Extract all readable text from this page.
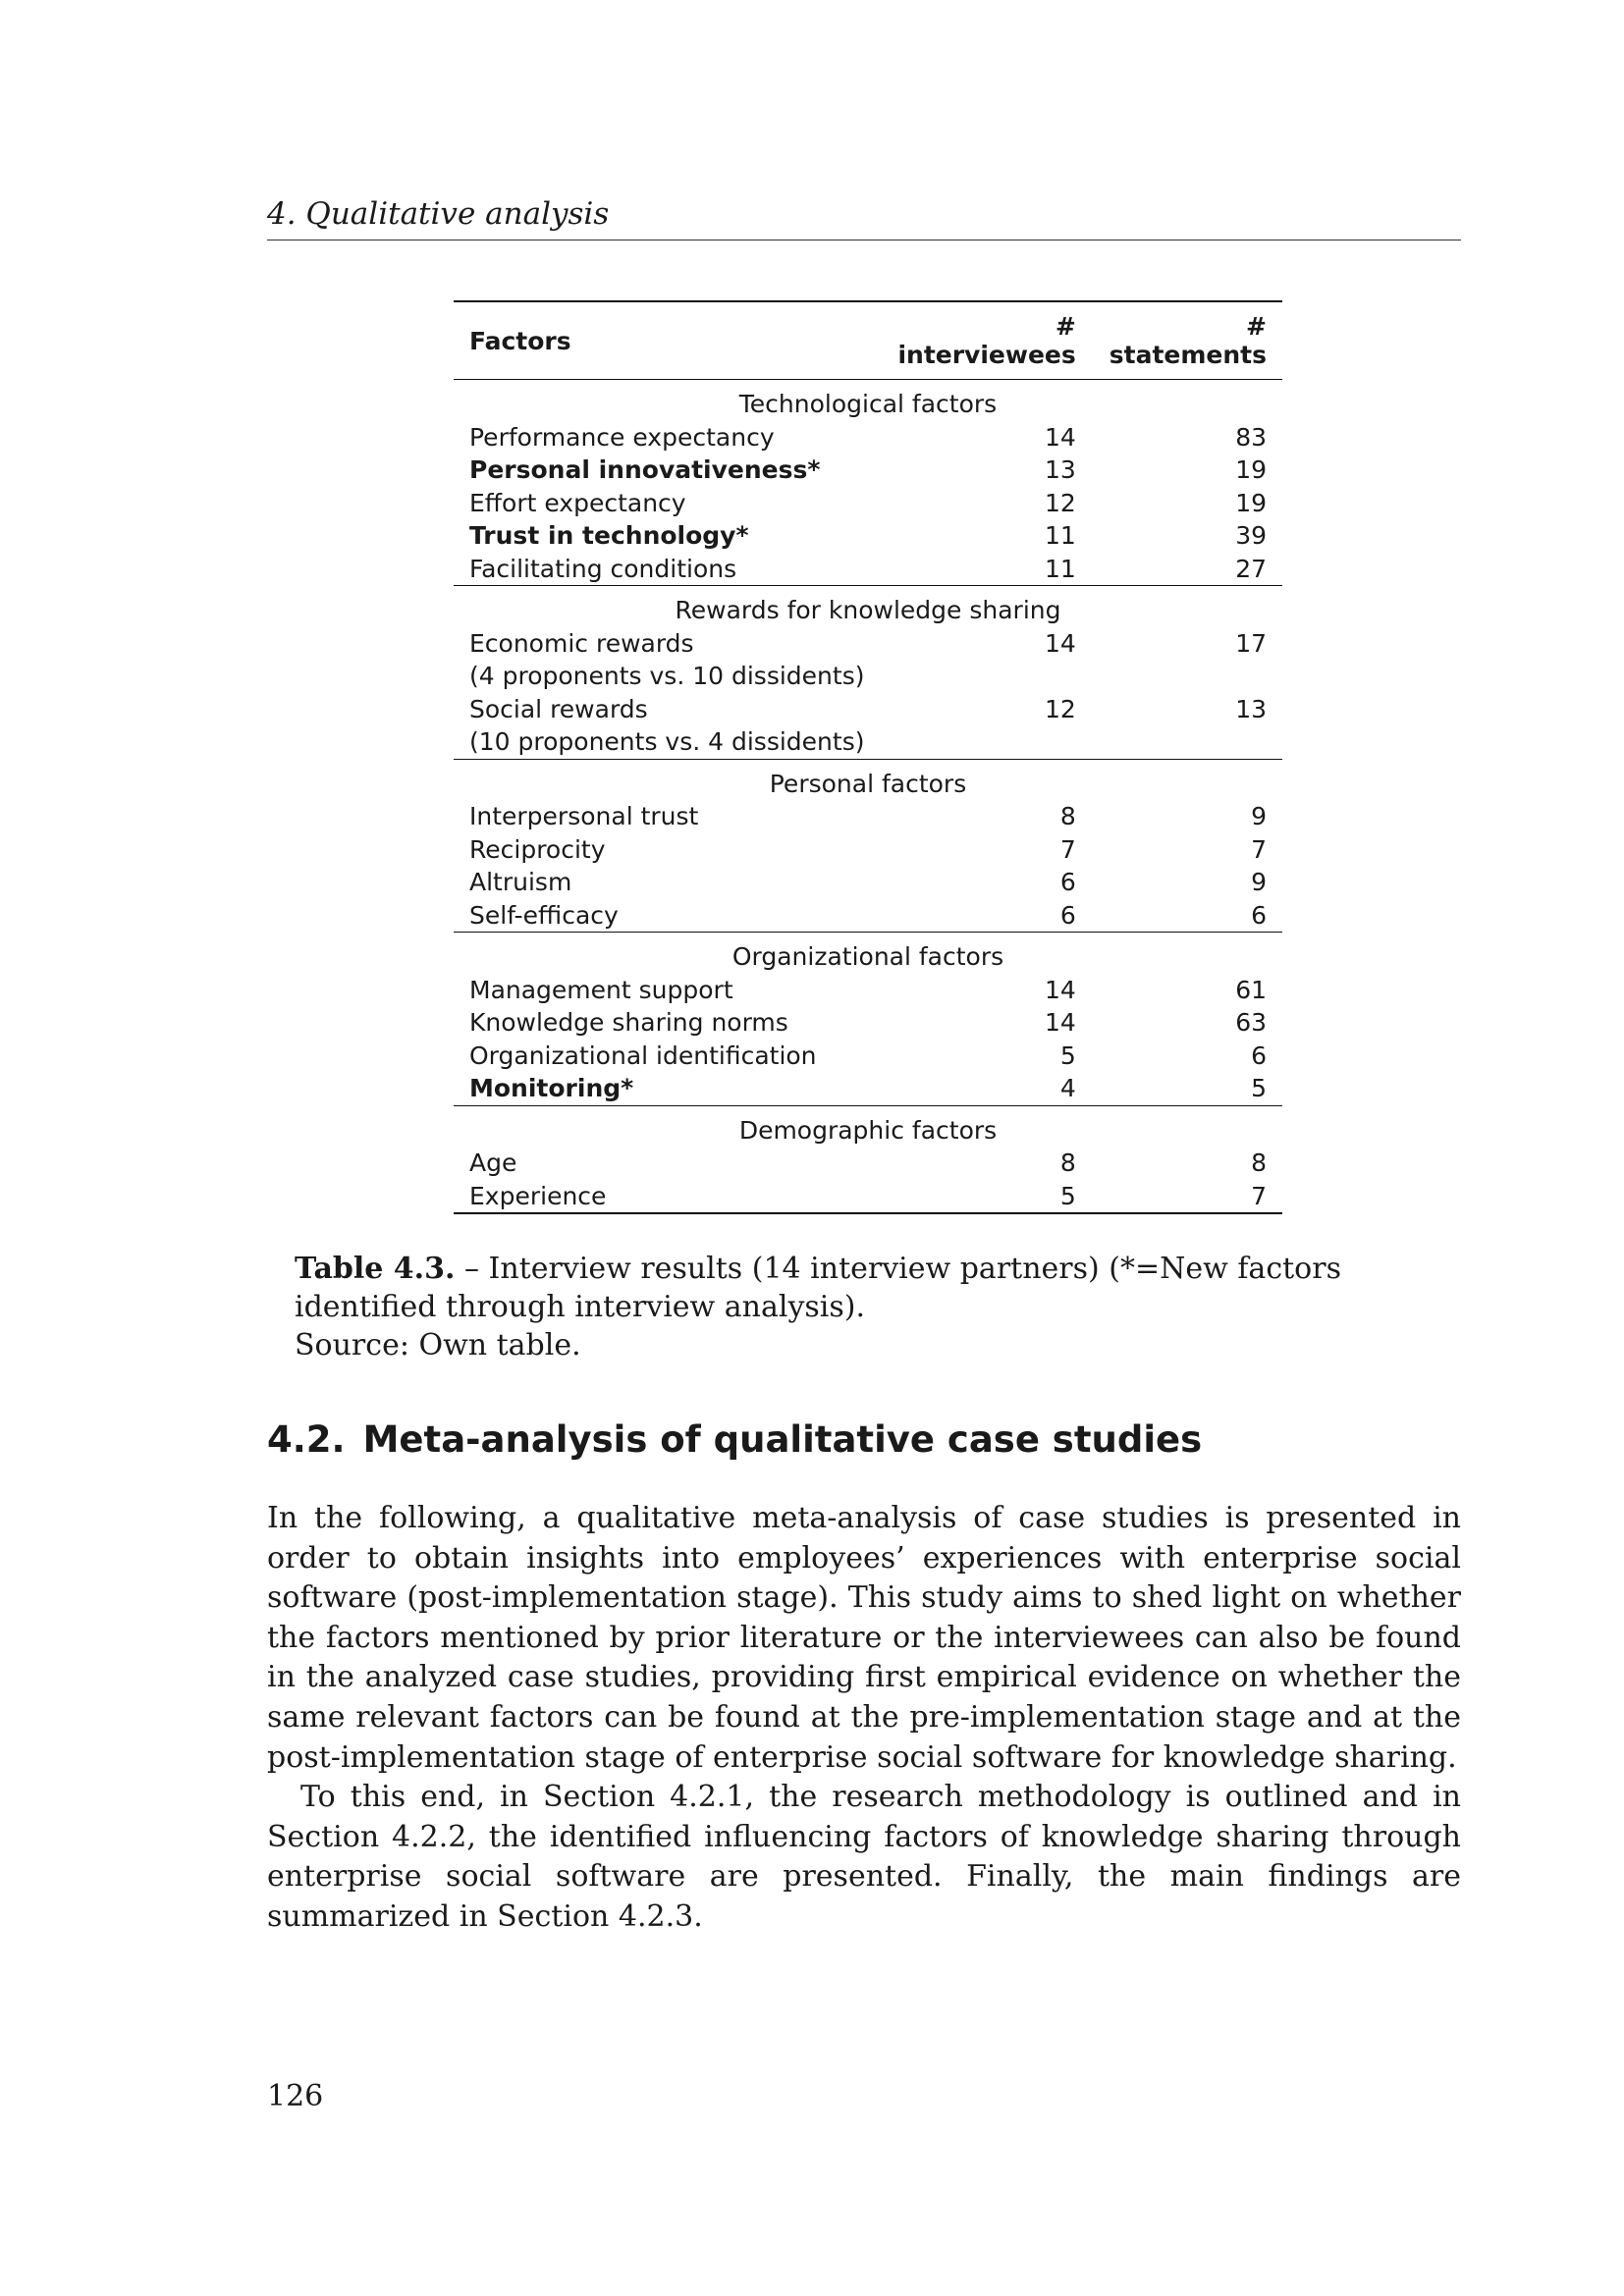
4. Qualitative analysis
Factors	# interviewees	# statements
Technological factors		
Performance expectancy	14	83
Personal innovativeness*	13	19
Effort expectancy	12	19
Trust in technology*	11	39
Facilitating conditions	11	27
Rewards for knowledge sharing		
Economic rewards	14	17
(4 proponents vs. 10 dissidents)		
Social rewards	12	13
(10 proponents vs. 4 dissidents)		
Personal factors		
Interpersonal trust	8	9
Reciprocity	7	7
Altruism	6	9
Self-efficacy	6	6
Organizational factors		
Management support	14	61
Knowledge sharing norms	14	63
Organizational identification	5	6
Monitoring*	4	5
Demographic factors		
Age	8	8
Experience	5	7
Table 4.3. – Interview results (14 interview partners) (*=New factors identified through interview analysis).
Source: Own table.
4.2. Meta-analysis of qualitative case studies

In the following, a qualitative meta-analysis of case studies is presented in order to obtain insights into employees’ experiences with enterprise social software (post-implementation stage). This study aims to shed light on whether the factors mentioned by prior literature or the interviewees can also be found in the analyzed case studies, providing first empirical evidence on whether the same relevant factors can be found at the pre-implementation stage and at the post-implementation stage of enterprise social software for knowledge sharing.

To this end, in Section 4.2.1, the research methodology is outlined and in Section 4.2.2, the identified influencing factors of knowledge sharing through enterprise social software are presented. Finally, the main findings are summarized in Section 4.2.3.

126
